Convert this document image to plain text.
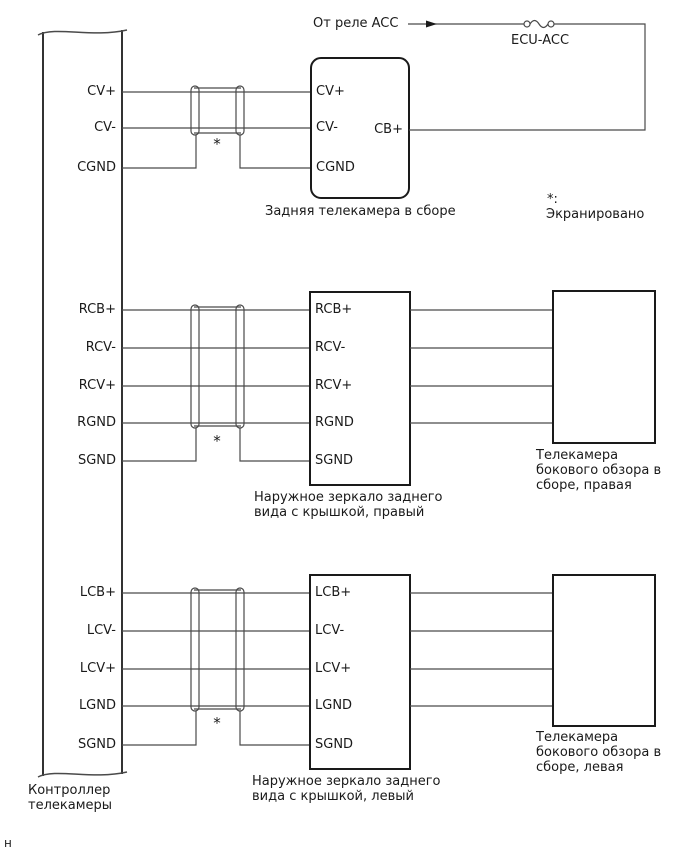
CV+
CV-
CGND
RCB+
RCV-
RCV+
RGND
SGND
LCB+
LCV-
LCV+
LGND
SGND
CV+
CV-
CGND
CB+
Задняя телекамера в сборе
От реле ACC
ECU-ACC
*:
Экранировано
*
*
*
RCB+
RCV-
RCV+
RGND
SGND
Наружное зеркало заднего
вида с крышкой, правый
Телекамера
бокового обзора в
сборе, правая
LCB+
LCV-
LCV+
LGND
SGND
Наружное зеркало заднего
вида с крышкой, левый
Телекамера
бокового обзора в
сборе, левая
Контроллер
телекамеры
н
